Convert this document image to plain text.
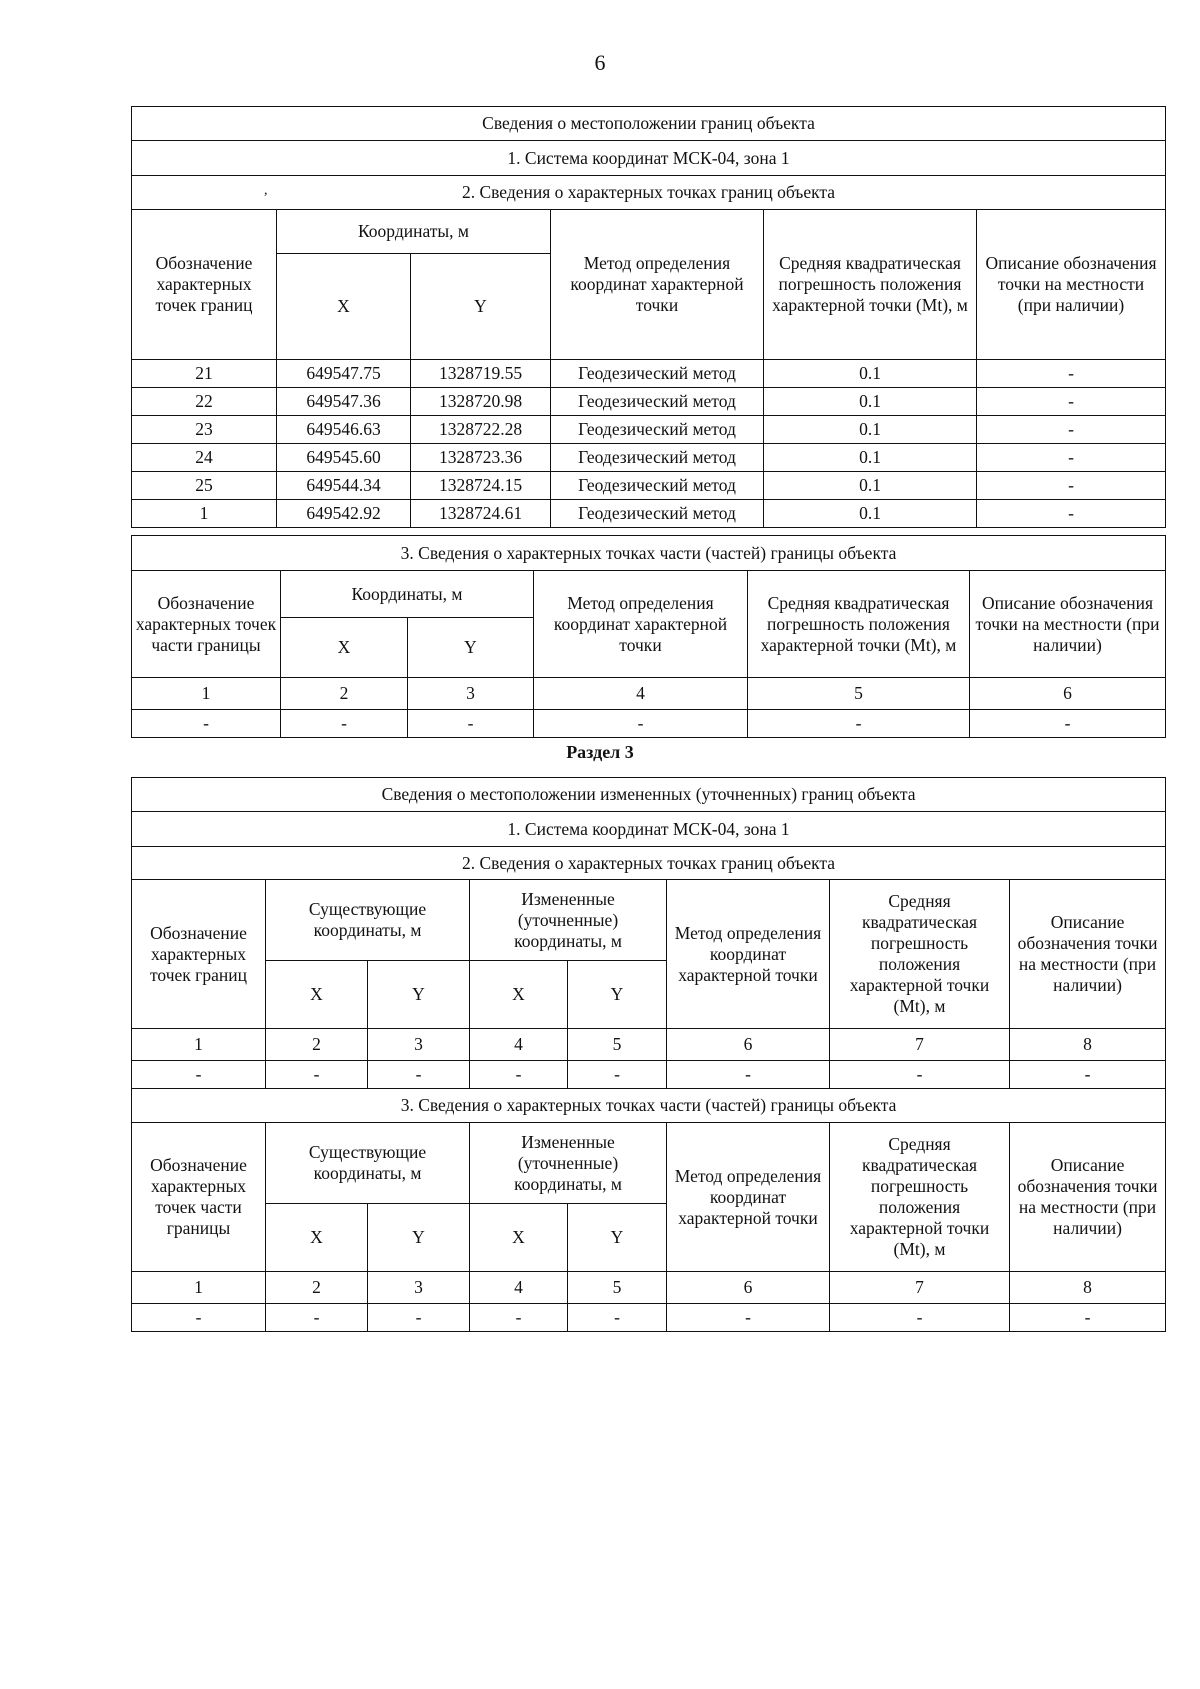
6
Сведения о местоположении границ объекта					
1. Система координат МСК-04, зона 1					
2. Сведения о характерных точках границ объекта					
Обозначение характерных точек границ	Координаты, м		Метод определения координат характерной точки	Средняя квадратическая погрешность положения характерной точки (Mt), м	Описание обозначения точки на местности (при наличии)
	X	Y			
21	649547.75	1328719.55	Геодезический метод	0.1	-
22	649547.36	1328720.98	Геодезический метод	0.1	-
23	649546.63	1328722.28	Геодезический метод	0.1	-
24	649545.60	1328723.36	Геодезический метод	0.1	-
25	649544.34	1328724.15	Геодезический метод	0.1	-
1	649542.92	1328724.61	Геодезический метод	0.1	-
,
3. Сведения о характерных точках части (частей) границы объекта					
Обозначение характерных точек части границы	Координаты, м		Метод определения координат характерной точки	Средняя квадратическая погрешность положения характерной точки (Mt), м	Описание обозначения точки на местности (при наличии)
	X	Y			
1	2	3	4	5	6
-	-	-	-	-	-
Раздел 3
Сведения о местоположении измененных (уточненных) границ объекта							
1. Система координат МСК-04, зона 1							
2. Сведения о характерных точках границ объекта							
Обозначение характерных точек границ	Существующие координаты, м		Измененные (уточненные) координаты, м		Метод определения координат характерной точки	Средняя квадратическая погрешность положения характерной точки (Mt), м	Описание обозначения точки на местности (при наличии)
	X	Y	X	Y			
1	2	3	4	5	6	7	8
-	-	-	-	-	-	-	-
3. Сведения о характерных точках части (частей) границы объекта							
Обозначение характерных точек части границы	Существующие координаты, м		Измененные (уточненные) координаты, м		Метод определения координат характерной точки	Средняя квадратическая погрешность положения характерной точки (Mt), м	Описание обозначения точки на местности (при наличии)
	X	Y	X	Y			
1	2	3	4	5	6	7	8
-	-	-	-	-	-	-	-
